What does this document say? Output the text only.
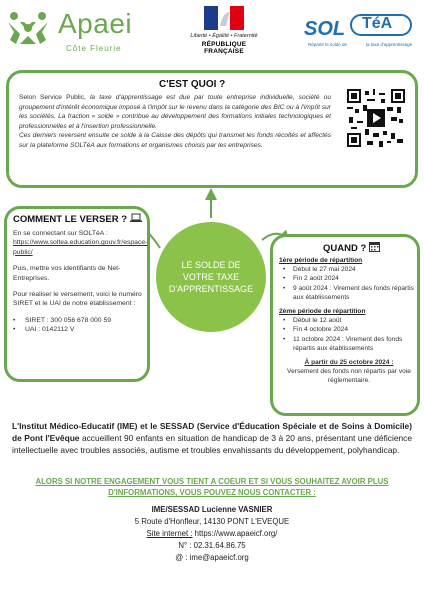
Apaei
Côte Fleurie
Liberté • Égalité • Fraternité
RÉPUBLIQUE FRANÇAISE
SOL TéA
Répartir le solde de	la taxe d'apprentissage
C'EST QUOI ?
Selon Service Public, la taxe d'apprentissage est due par toute entreprise individuelle, société ou groupement d'intérêt économique imposé à l'impôt sur le revenu dans la catégorie des BIC ou à l'impôt sur les sociétés. La fraction « solde » contribue au développement des formations initiales technologiques et professionnelles et à l'insertion professionnelle.
Ces derniers reversent ensuite ce solde à la Caisse des dépôts qui transmet les fonds récoltés et affectés sur la plateforme SOLTéA aux formations et organismes choisis par les entreprises.
COMMENT LE VERSER ?

En se connectant sur SOLTéA :
https://www.soltea.education.gouv.fr/espace-public/

Puis, mettre vos identifiants de Net-Entreprises.

Pour réaliser le versement, voici le numéro SIRET et le UAI de notre établissement :

• SIRET : 300 056 678 000 59
• UAI : 0142112 V
LE SOLDE DE VOTRE TAXE D'APPRENTISSAGE
QUAND ?
1ère période de répartition
• Début le 27 mai 2024
• Fin 2 août 2024
• 9 août 2024 : Virement des fonds répartis aux établissements
2ème période de répartition
• Début le 12 août
• Fin 4 octobre 2024
• 11 octobre 2024 : Virement des fonds répartis aux établissements
À partir du 25 octobre 2024 :
Versement des fonds non répartis par voie réglementaire.
L'Institut Médico-Educatif (IME) et le SESSAD (Service d'Éducation Spéciale et de Soins à Domicile) de Pont l'Evêque accueillent 90 enfants en situation de handicap de 3 à 20 ans, présentant une déficience intellectuelle avec troubles associés, autisme et troubles envahissants du développement, polyhandicap.
ALORS SI NOTRE ENGAGEMENT VOUS TIENT A COEUR ET SI VOUS SOUHAITEZ AVOIR PLUS D'INFORMATIONS, VOUS POUVEZ NOUS CONTACTER :
IME/SESSAD Lucienne VASNIER
5 Route d'Honfleur, 14130 PONT L'EVEQUE
Site internet : https://www.apaeicf.org/
N° : 02.31.64.86.75
@ : ime@apaeicf.org
